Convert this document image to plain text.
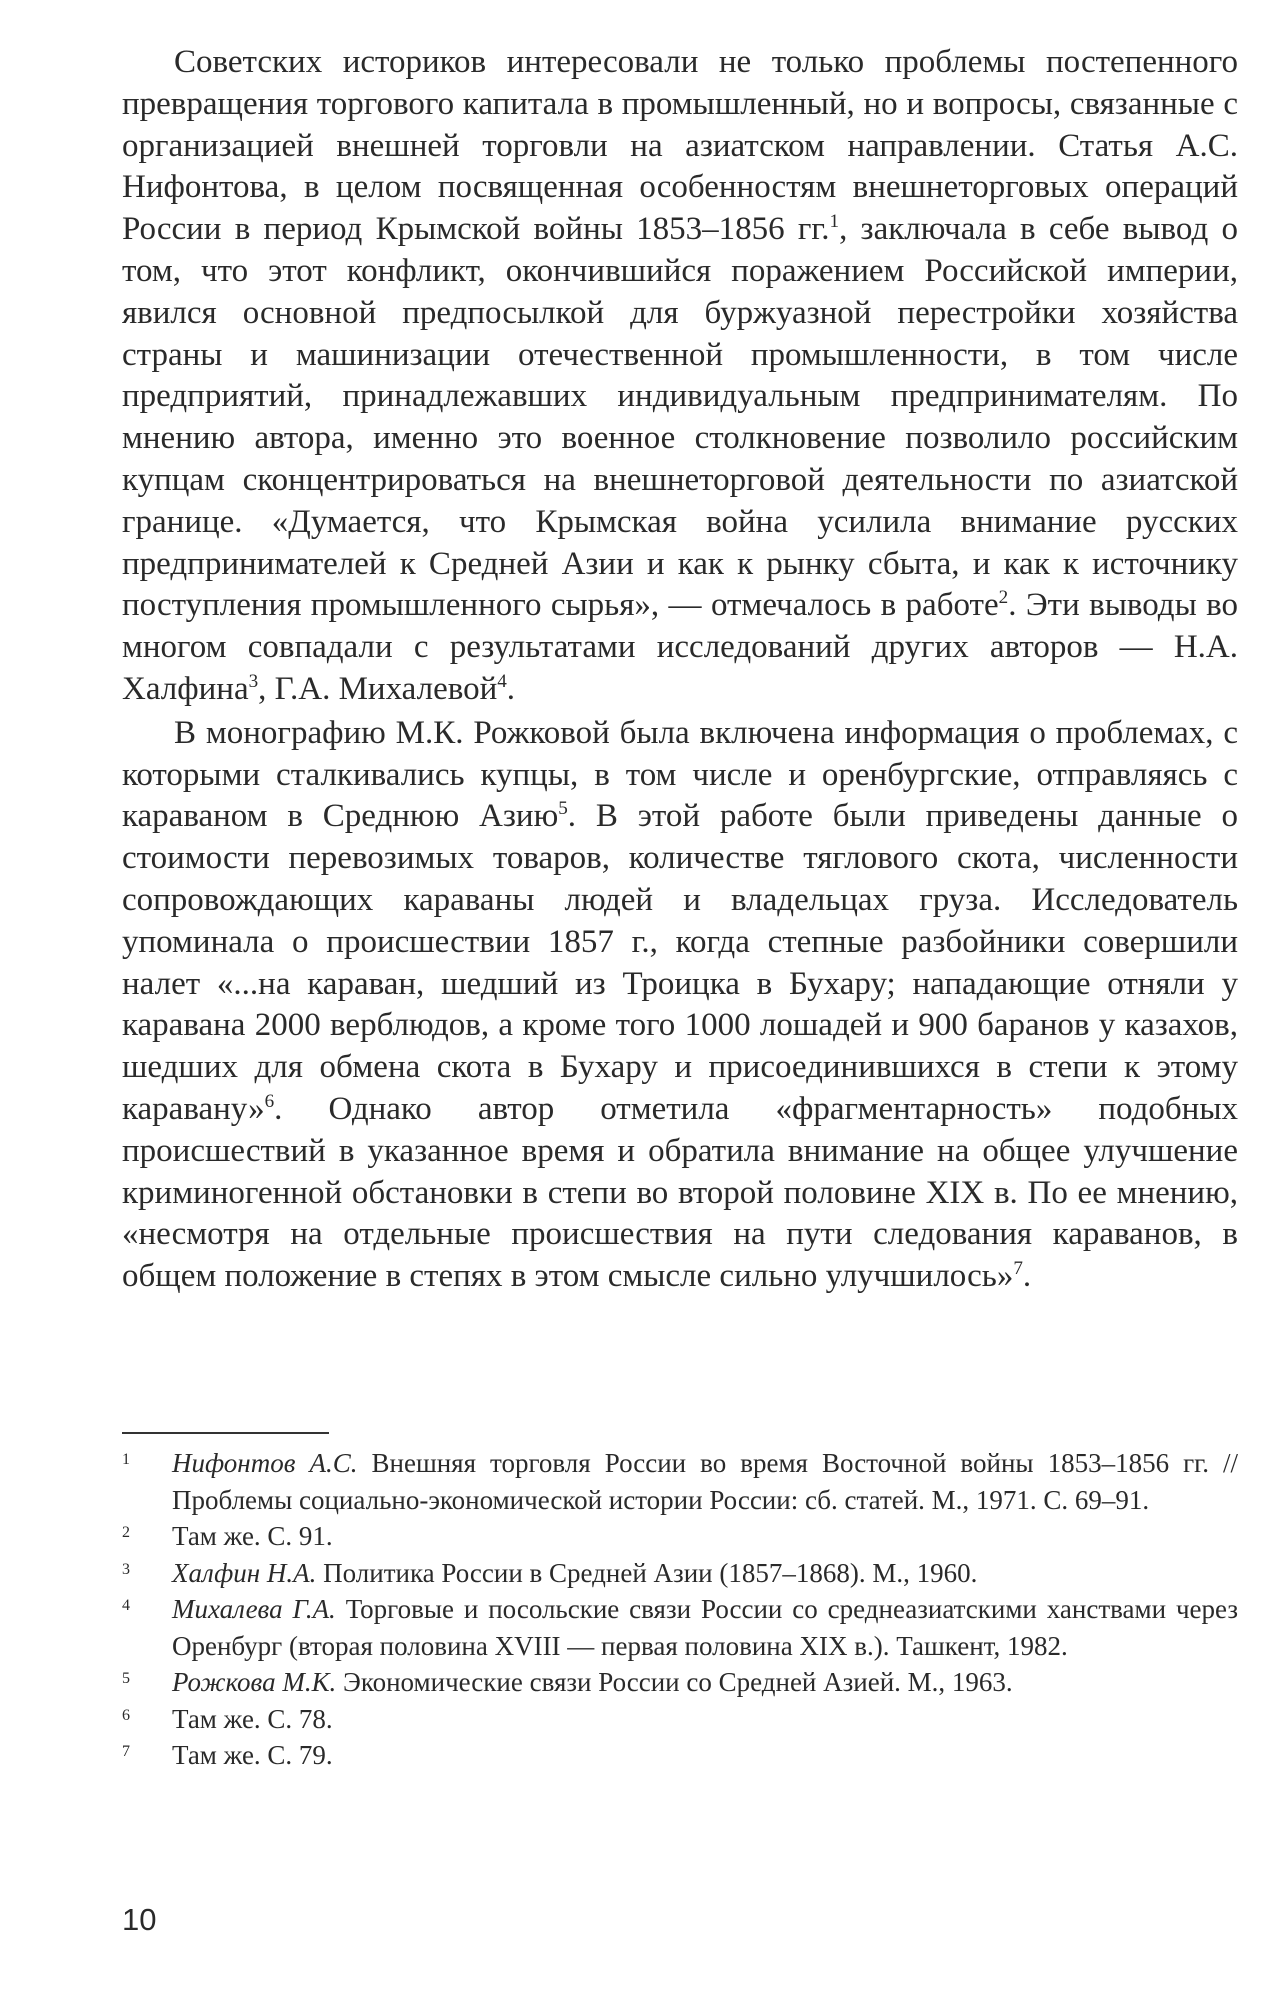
Советских историков интересовали не только проблемы постепенного превращения торгового капитала в промышленный, но и вопросы, связанные с организацией внешней торговли на азиатском направлении. Статья А.С. Нифонтова, в целом посвященная особенностям внешнеторговых операций России в период Крымской войны 1853–1856 гг.$^1$, заключала в себе вывод о том, что этот конфликт, окончившийся поражением Российской империи, явился основной предпосылкой для буржуазной перестройки хозяйства страны и машинизации отечественной промышленности, в том числе предприятий, принадлежавших индивидуальным предпринимателям. По мнению автора, именно это военное столкновение позволило российским купцам сконцентрироваться на внешнеторговой деятельности по азиатской границе. «Думается, что Крымская война усилила внимание русских предпринимателей к Средней Азии и как к рынку сбыта, и как к источнику поступления промышленного сырья», — отмечалось в работе$^2$. Эти выводы во многом совпадали с результатами исследований других авторов — Н.А. Халфина$^3$, Г.А. Михалевой$^4$.

В монографию М.К. Рожковой была включена информация о проблемах, с которыми сталкивались купцы, в том числе и оренбургские, отправляясь с караваном в Среднюю Азию$^5$. В этой работе были приведены данные о стоимости перевозимых товаров, количестве тяглового скота, численности сопровождающих караваны людей и владельцах груза. Исследователь упоминала о происшествии 1857 г., когда степные разбойники совершили налет «...на караван, шедший из Троицка в Бухару; нападающие отняли у каравана 2000 верблюдов, а кроме того 1000 лошадей и 900 баранов у казахов, шедших для обмена скота в Бухару и присоединившихся в степи к этому каравану»$^6$. Однако автор отметила «фрагментарность» подобных происшествий в указанное время и обратила внимание на общее улучшение криминогенной обстановки в степи во второй половине XIX в. По ее мнению, «несмотря на отдельные происшествия на пути следования караванов, в общем положение в степях в этом смысле сильно улучшилось»$^7$.

1	Нифонтов А.С. Внешняя торговля России во время Восточной войны 1853–1856 гг. // Проблемы социально-экономической истории России: сб. статей. М., 1971. С. 69–91.
2	Там же. С. 91.
3	Халфин Н.А. Политика России в Средней Азии (1857–1868). М., 1960.
4	Михалева Г.А. Торговые и посольские связи России со среднеазиатскими ханствами через Оренбург (вторая половина XVIII — первая половина XIX в.). Ташкент, 1982.
5	Рожкова М.К. Экономические связи России со Средней Азией. М., 1963.
6	Там же. С. 78.
7	Там же. С. 79.
10
